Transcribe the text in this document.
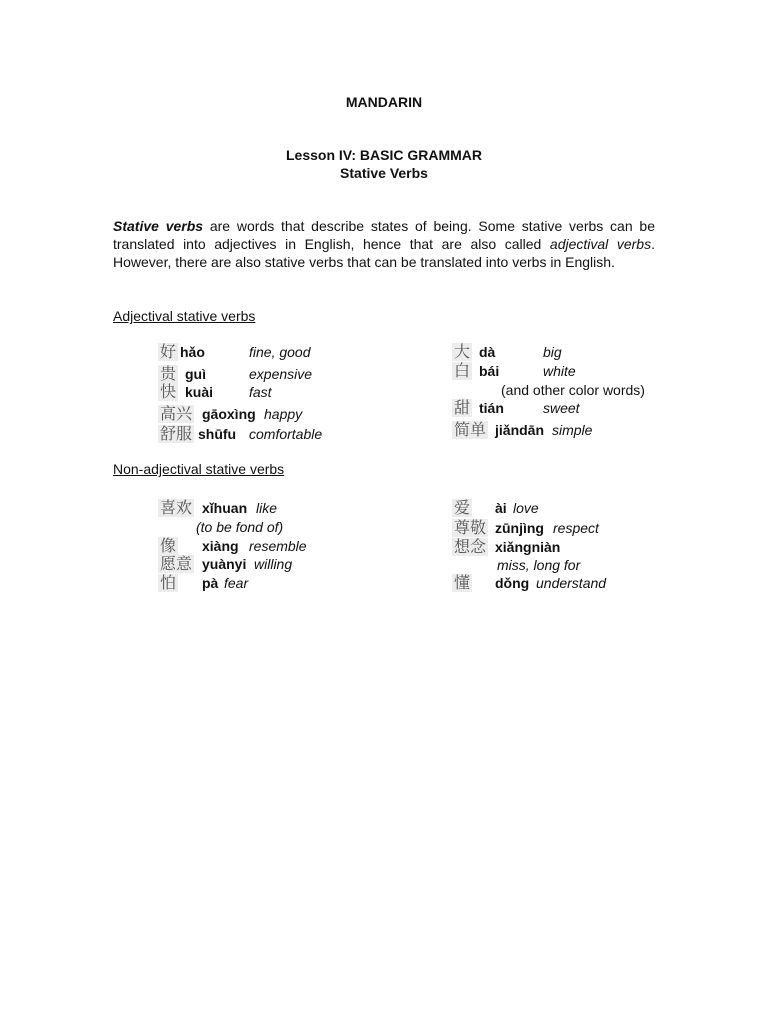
MANDARIN
Lesson IV: BASIC GRAMMAR
Stative Verbs

Stative verbs are words that describe states of being. Some stative verbs can be translated into adjectives in English, hence that are also called adjectival verbs. However, there are also stative verbs that can be translated into verbs in English.

Adjectival stative verbs
好 hǎo	fine, good
贵 guì	expensive
快 kuài	fast
高兴 gāoxìng happy
舒服 shūfu comfortable
大 dà	big
白 bái	white
(and other color words)
甜 tián	sweet
简单 jiǎndān simple
Non-adjectival stative verbs
喜欢 xǐhuan like
(to be fond of)
像 xiàng resemble
愿意 yuànyi willing
怕 pà fear
爱 ài love
尊敬 zūnjìng respect
想念 xiǎngniàn
miss, long for
懂 dǒng understand
